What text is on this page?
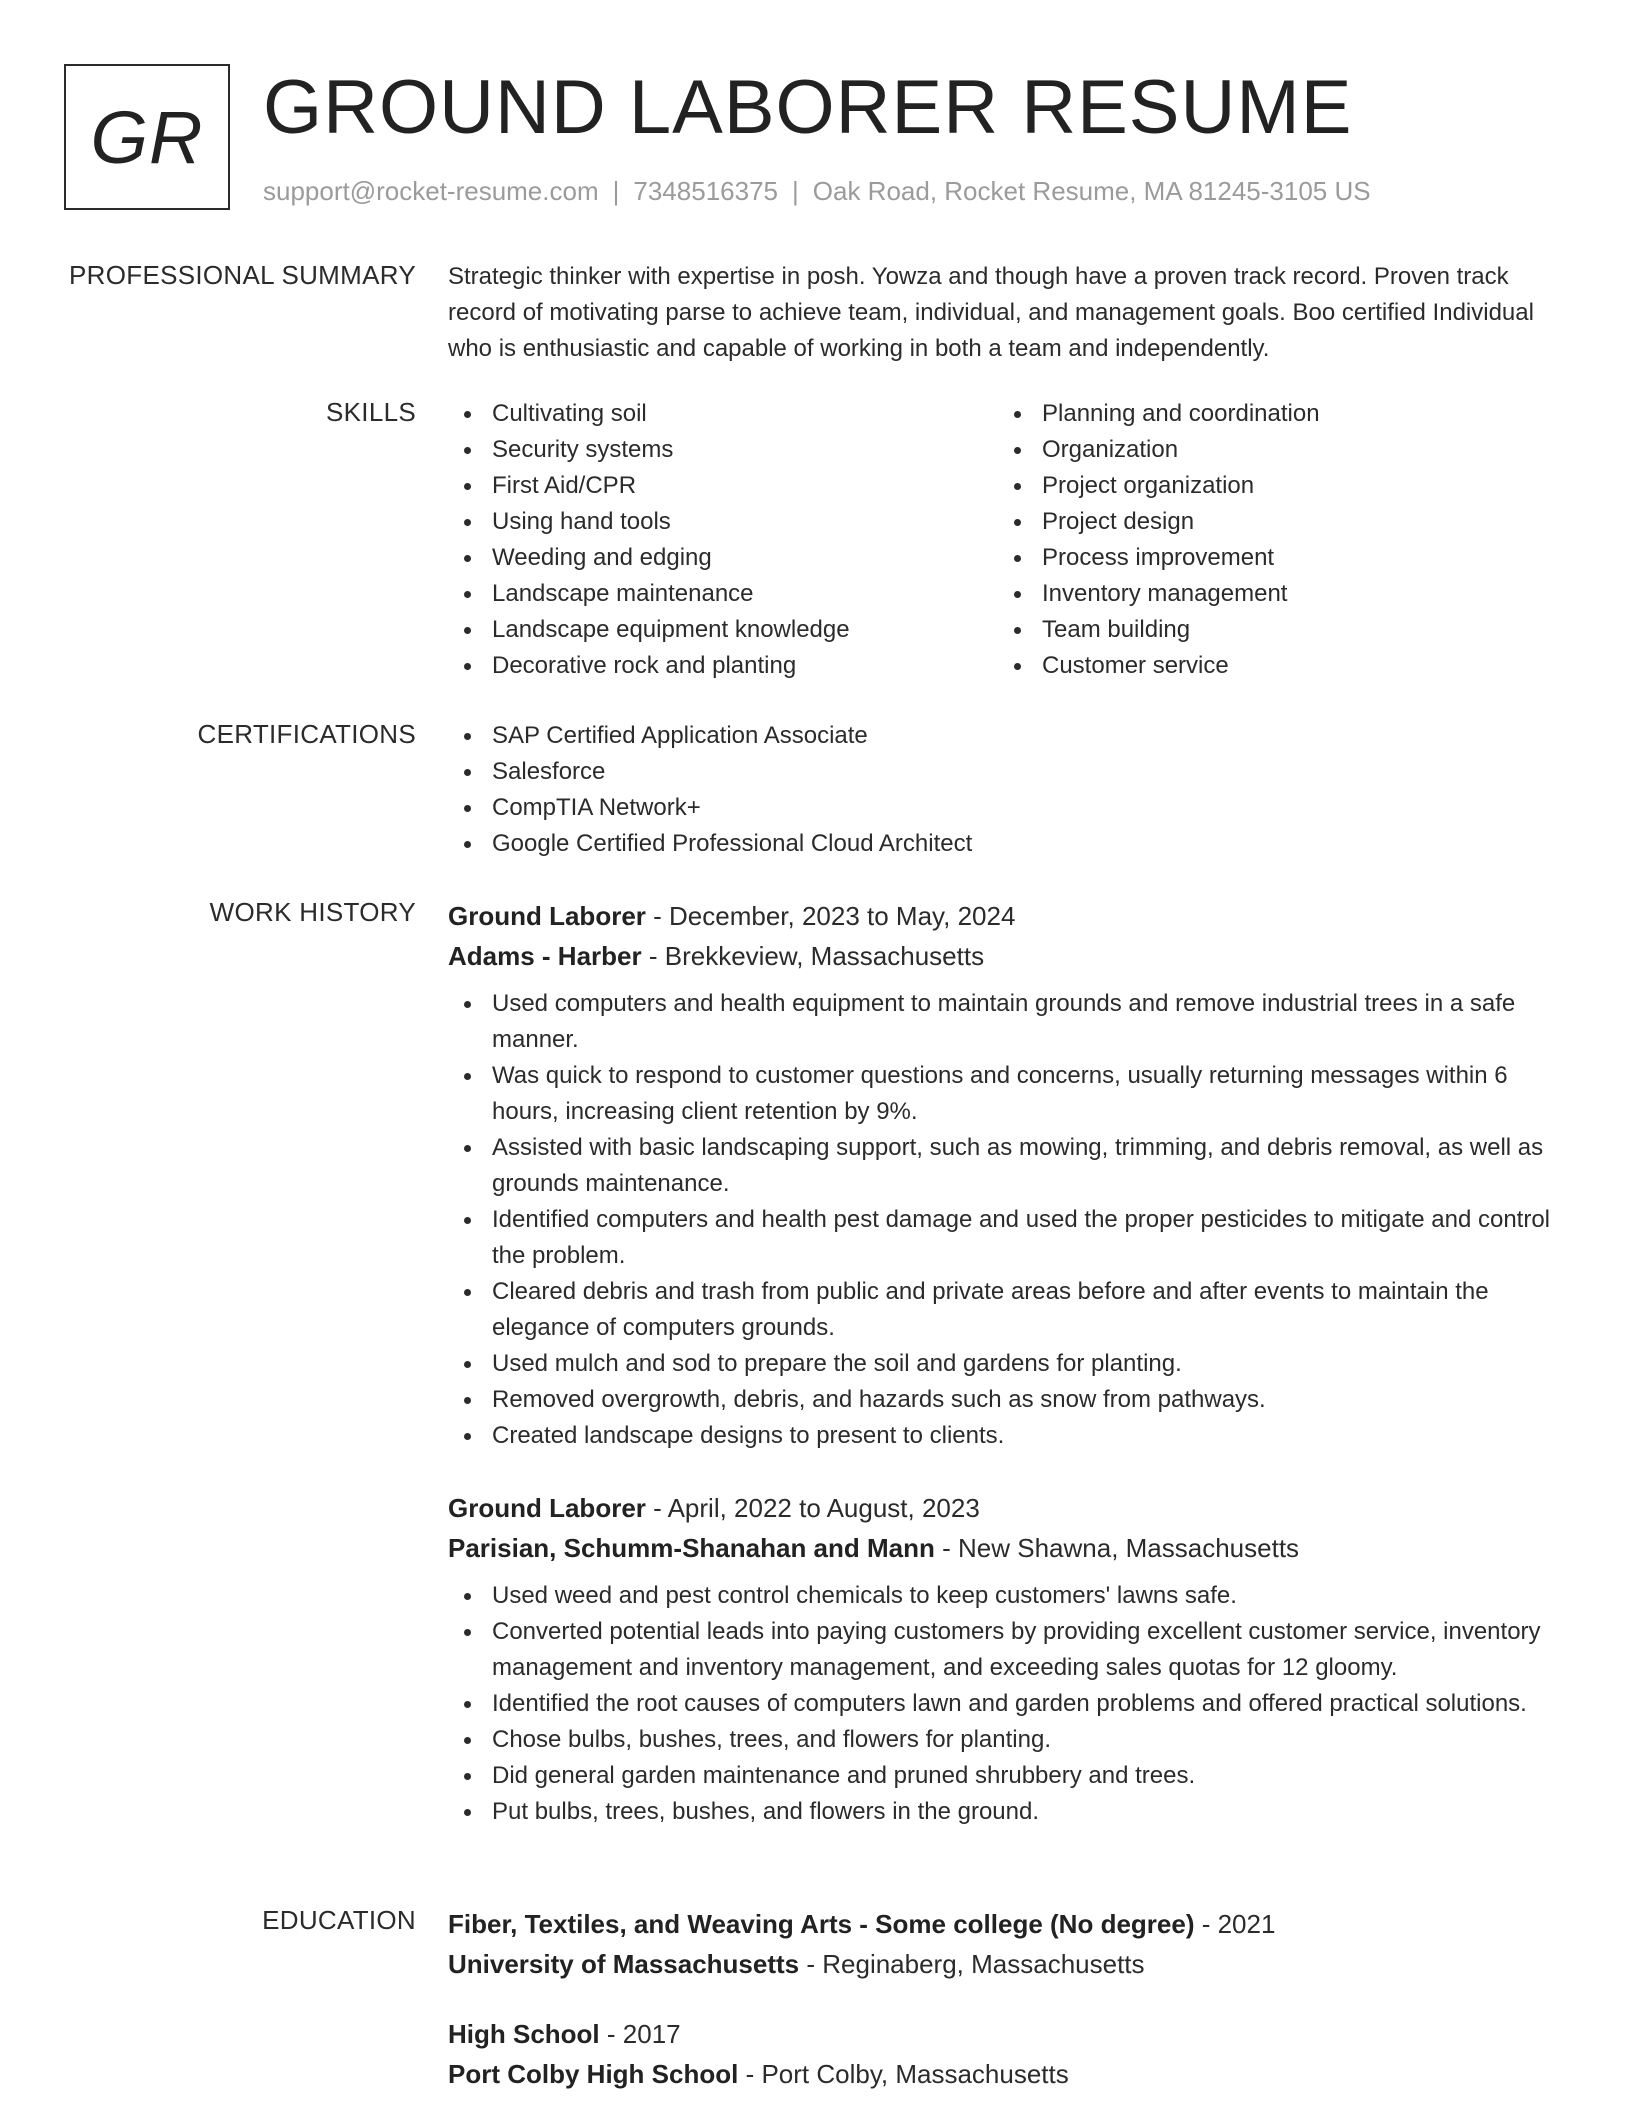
GR GROUND LABORER RESUME
support@rocket-resume.com | 7348516375 | Oak Road, Rocket Resume, MA 81245-3105 US
PROFESSIONAL SUMMARY Strategic thinker with expertise in posh. Yowza and though have a proven track record. Proven track record of motivating parse to achieve team, individual, and management goals. Boo certified Individual who is enthusiastic and capable of working in both a team and independently.
SKILLS	Cultivating soil
Security systems
First Aid/CPR
Using hand tools
Weeding and edging
Landscape maintenance
Landscape equipment knowledge
Decorative rock and planting
Planning and coordination
Organization
Project organization
Project design
Process improvement
Inventory management
Team building
Customer service
CERTIFICATIONS	SAP Certified Application Associate
Salesforce
CompTIA Network+
Google Certified Professional Cloud Architect
WORK HISTORY Ground Laborer - December, 2023 to May, 2024
Adams - Harber - Brekkeview, Massachusetts
Used computers and health equipment to maintain grounds and remove industrial trees in a safe manner.
Was quick to respond to customer questions and concerns, usually returning messages within 6 hours, increasing client retention by 9%.
Assisted with basic landscaping support, such as mowing, trimming, and debris removal, as well as grounds maintenance.
Identified computers and health pest damage and used the proper pesticides to mitigate and control the problem.
Cleared debris and trash from public and private areas before and after events to maintain the elegance of computers grounds.
Used mulch and sod to prepare the soil and gardens for planting.
Removed overgrowth, debris, and hazards such as snow from pathways.
Created landscape designs to present to clients.
Ground Laborer - April, 2022 to August, 2023
Parisian, Schumm-Shanahan and Mann - New Shawna, Massachusetts
Used weed and pest control chemicals to keep customers' lawns safe.
Converted potential leads into paying customers by providing excellent customer service, inventory management and inventory management, and exceeding sales quotas for 12 gloomy.
Identified the root causes of computers lawn and garden problems and offered practical solutions.
Chose bulbs, bushes, trees, and flowers for planting.
Did general garden maintenance and pruned shrubbery and trees.
Put bulbs, trees, bushes, and flowers in the ground.
EDUCATION Fiber, Textiles, and Weaving Arts - Some college (No degree) - 2021
University of Massachusetts - Reginaberg, Massachusetts
High School - 2017
Port Colby High School - Port Colby, Massachusetts
